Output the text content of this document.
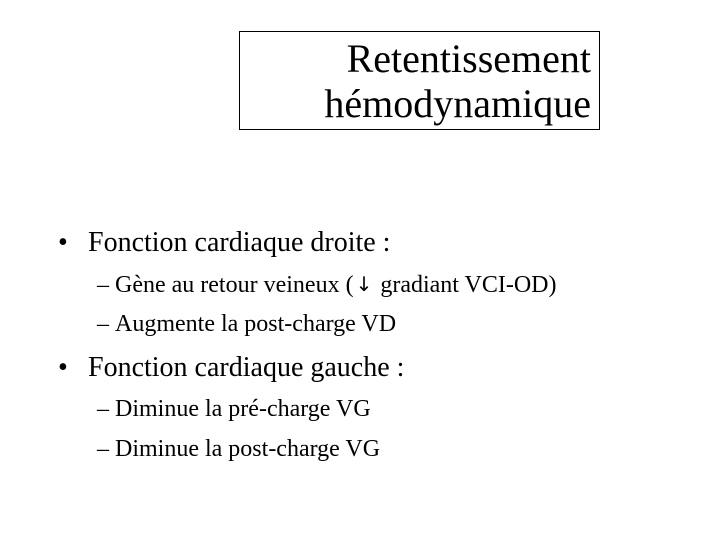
Retentissement
hémodynamique
• Fonction cardiaque droite :
– Gène au retour veineux ( ↓ gradiant VCI-OD)
– Augmente la post-charge VD
• Fonction cardiaque gauche :
– Diminue la pré-charge VG
– Diminue la post-charge VG
